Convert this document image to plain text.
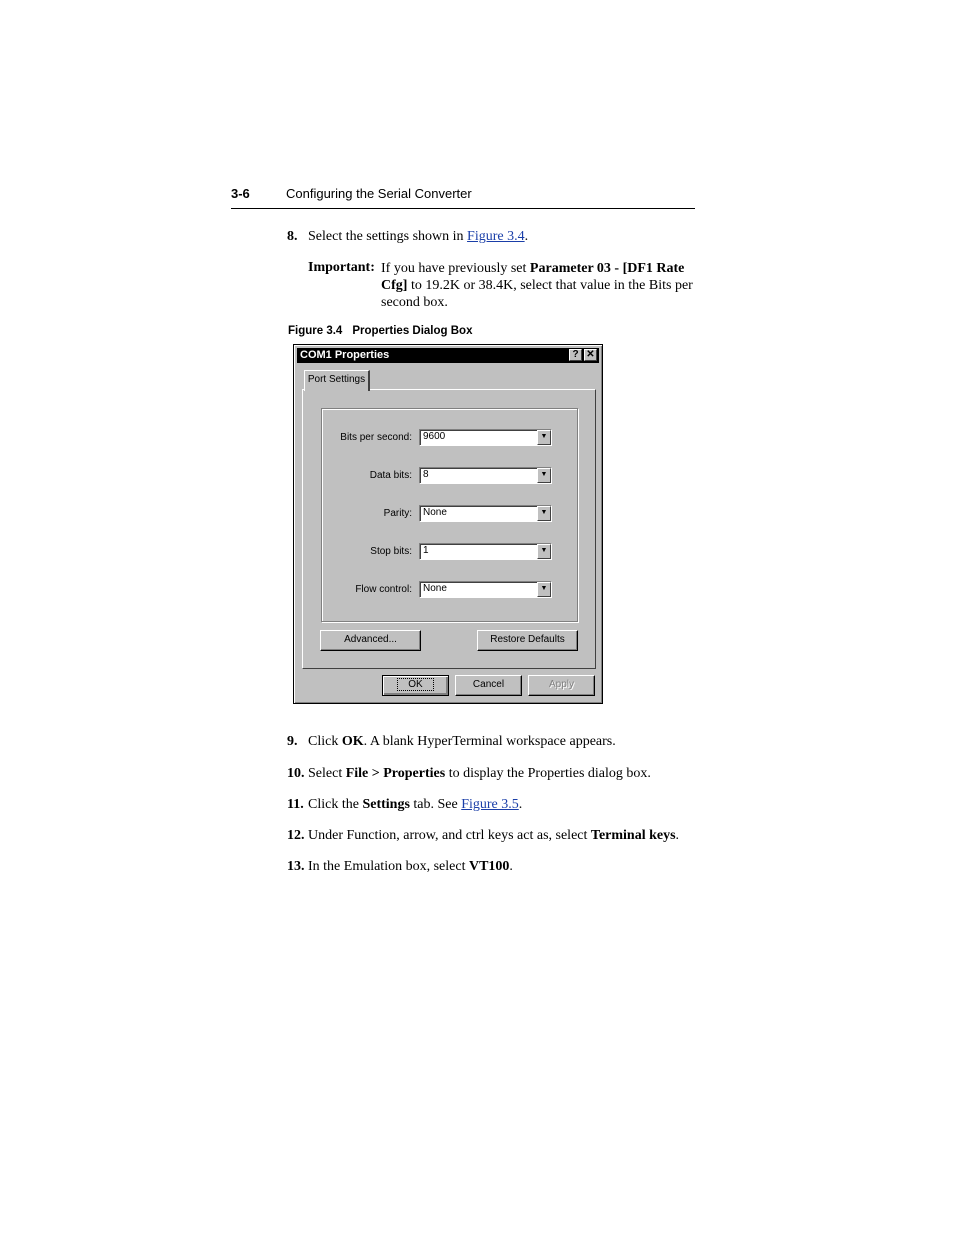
3-6	Configuring the Serial Converter
8. Select the settings shown in Figure 3.4.
Important: If you have previously set Parameter 03 - [DF1 Rate Cfg] to 19.2K or 38.4K, select that value in the Bits per second box.
Figure 3.4 Properties Dialog Box
COM1 Properties	? ✕
Port Settings
Bits per second: 9600	▼
Data bits: 8	▼
Parity: None	▼
Stop bits: 1	▼
Flow control: None	▼
Advanced...	Restore Defaults
OK	Cancel	Apply
9. Click OK. A blank HyperTerminal workspace appears.
10. Select File > Properties to display the Properties dialog box.
11. Click the Settings tab. See Figure 3.5.
12. Under Function, arrow, and ctrl keys act as, select Terminal keys.
13. In the Emulation box, select VT100.
